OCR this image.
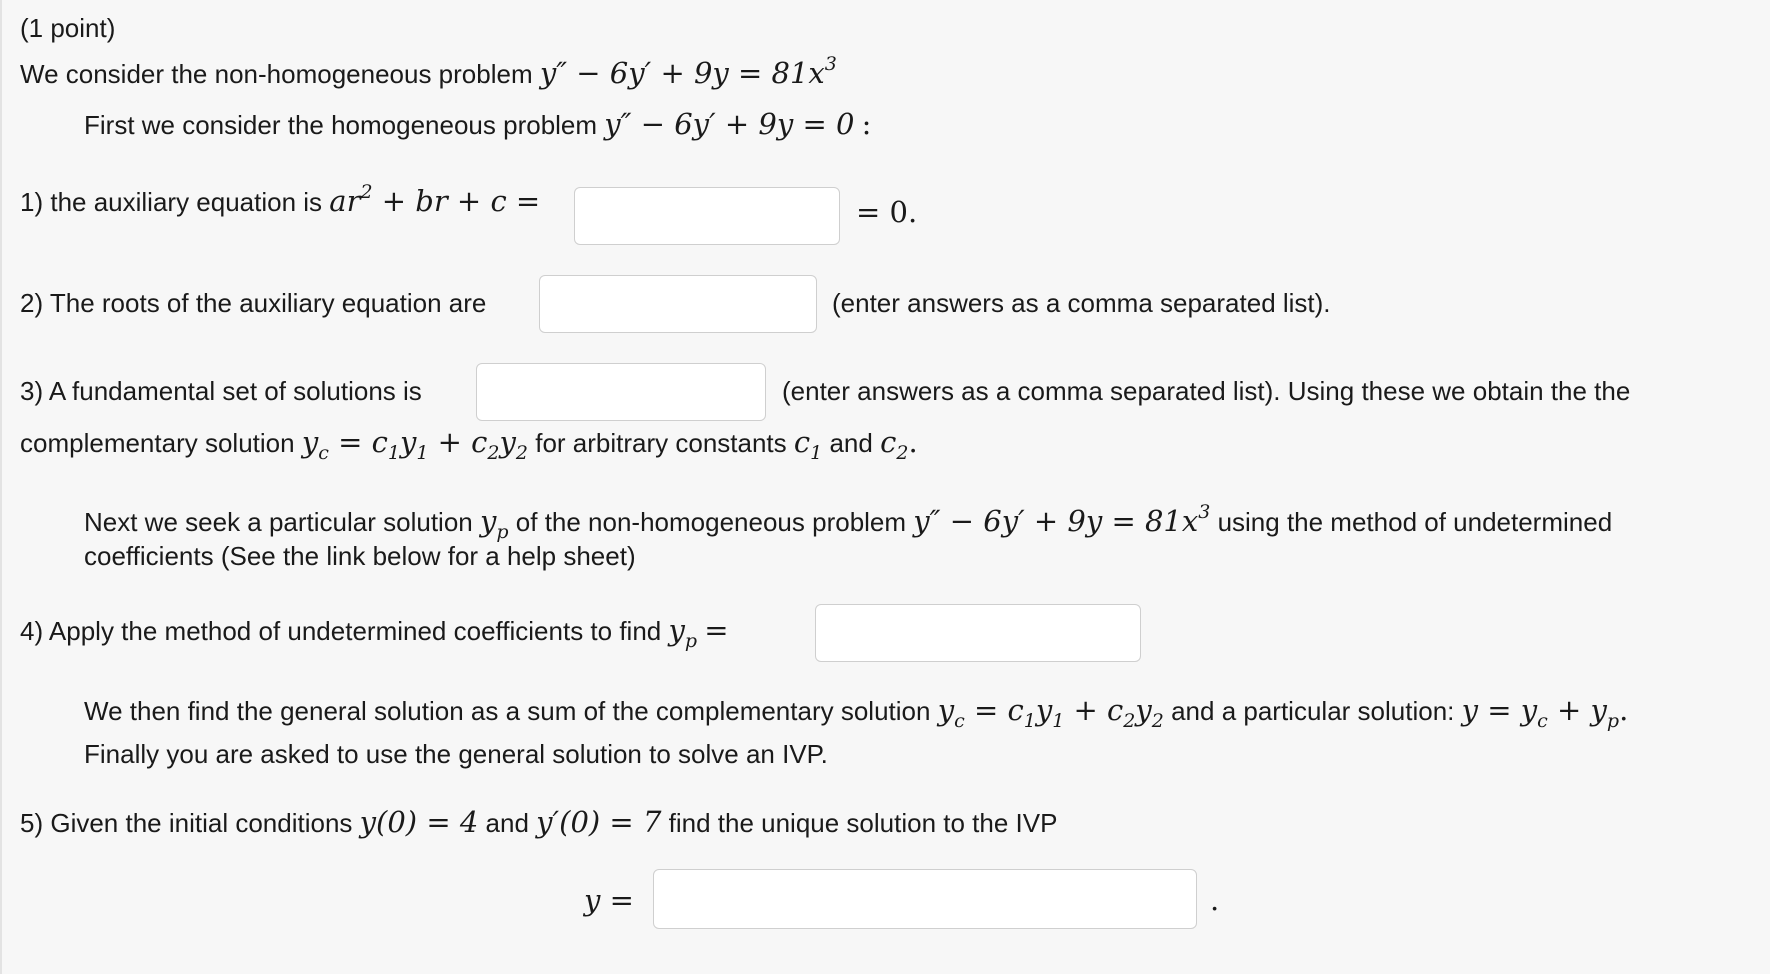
(1 point)
We consider the non-homogeneous problem $y'' - 6y' + 9y = 81x^3$
First we consider the homogeneous problem y″ − 6y′ + 9y = 0 :
1) the auxiliary equation is $ar^2$ + br + c =	= 0.
2) The roots of the auxiliary equation are	(enter answers as a comma separated list).
3) A fundamental set of solutions is	(enter answers as a comma separated list). Using these we obtain the the
complementary solution $y_c = c_1y_1 + c_2y_2$ for arbitrary constants $c_1$ and $c_2$.
Next we seek a particular solution $y_p$ of the non-homogeneous problem $y'' - 6y' + 9y = 81x^3$ using the method of undetermined
coefficients (See the link below for a help sheet)
4) Apply the method of undetermined coefficients to find $y_p$ =
We then find the general solution as a sum of the complementary solution $y_c = c_1y_1 + c_2y_2$ and a particular solution: $y = y_c + y_p$.
Finally you are asked to use the general solution to solve an IVP.
5) Given the initial conditions y(0) = 4 and y′(0) = 7 find the unique solution to the IVP
y =	.
